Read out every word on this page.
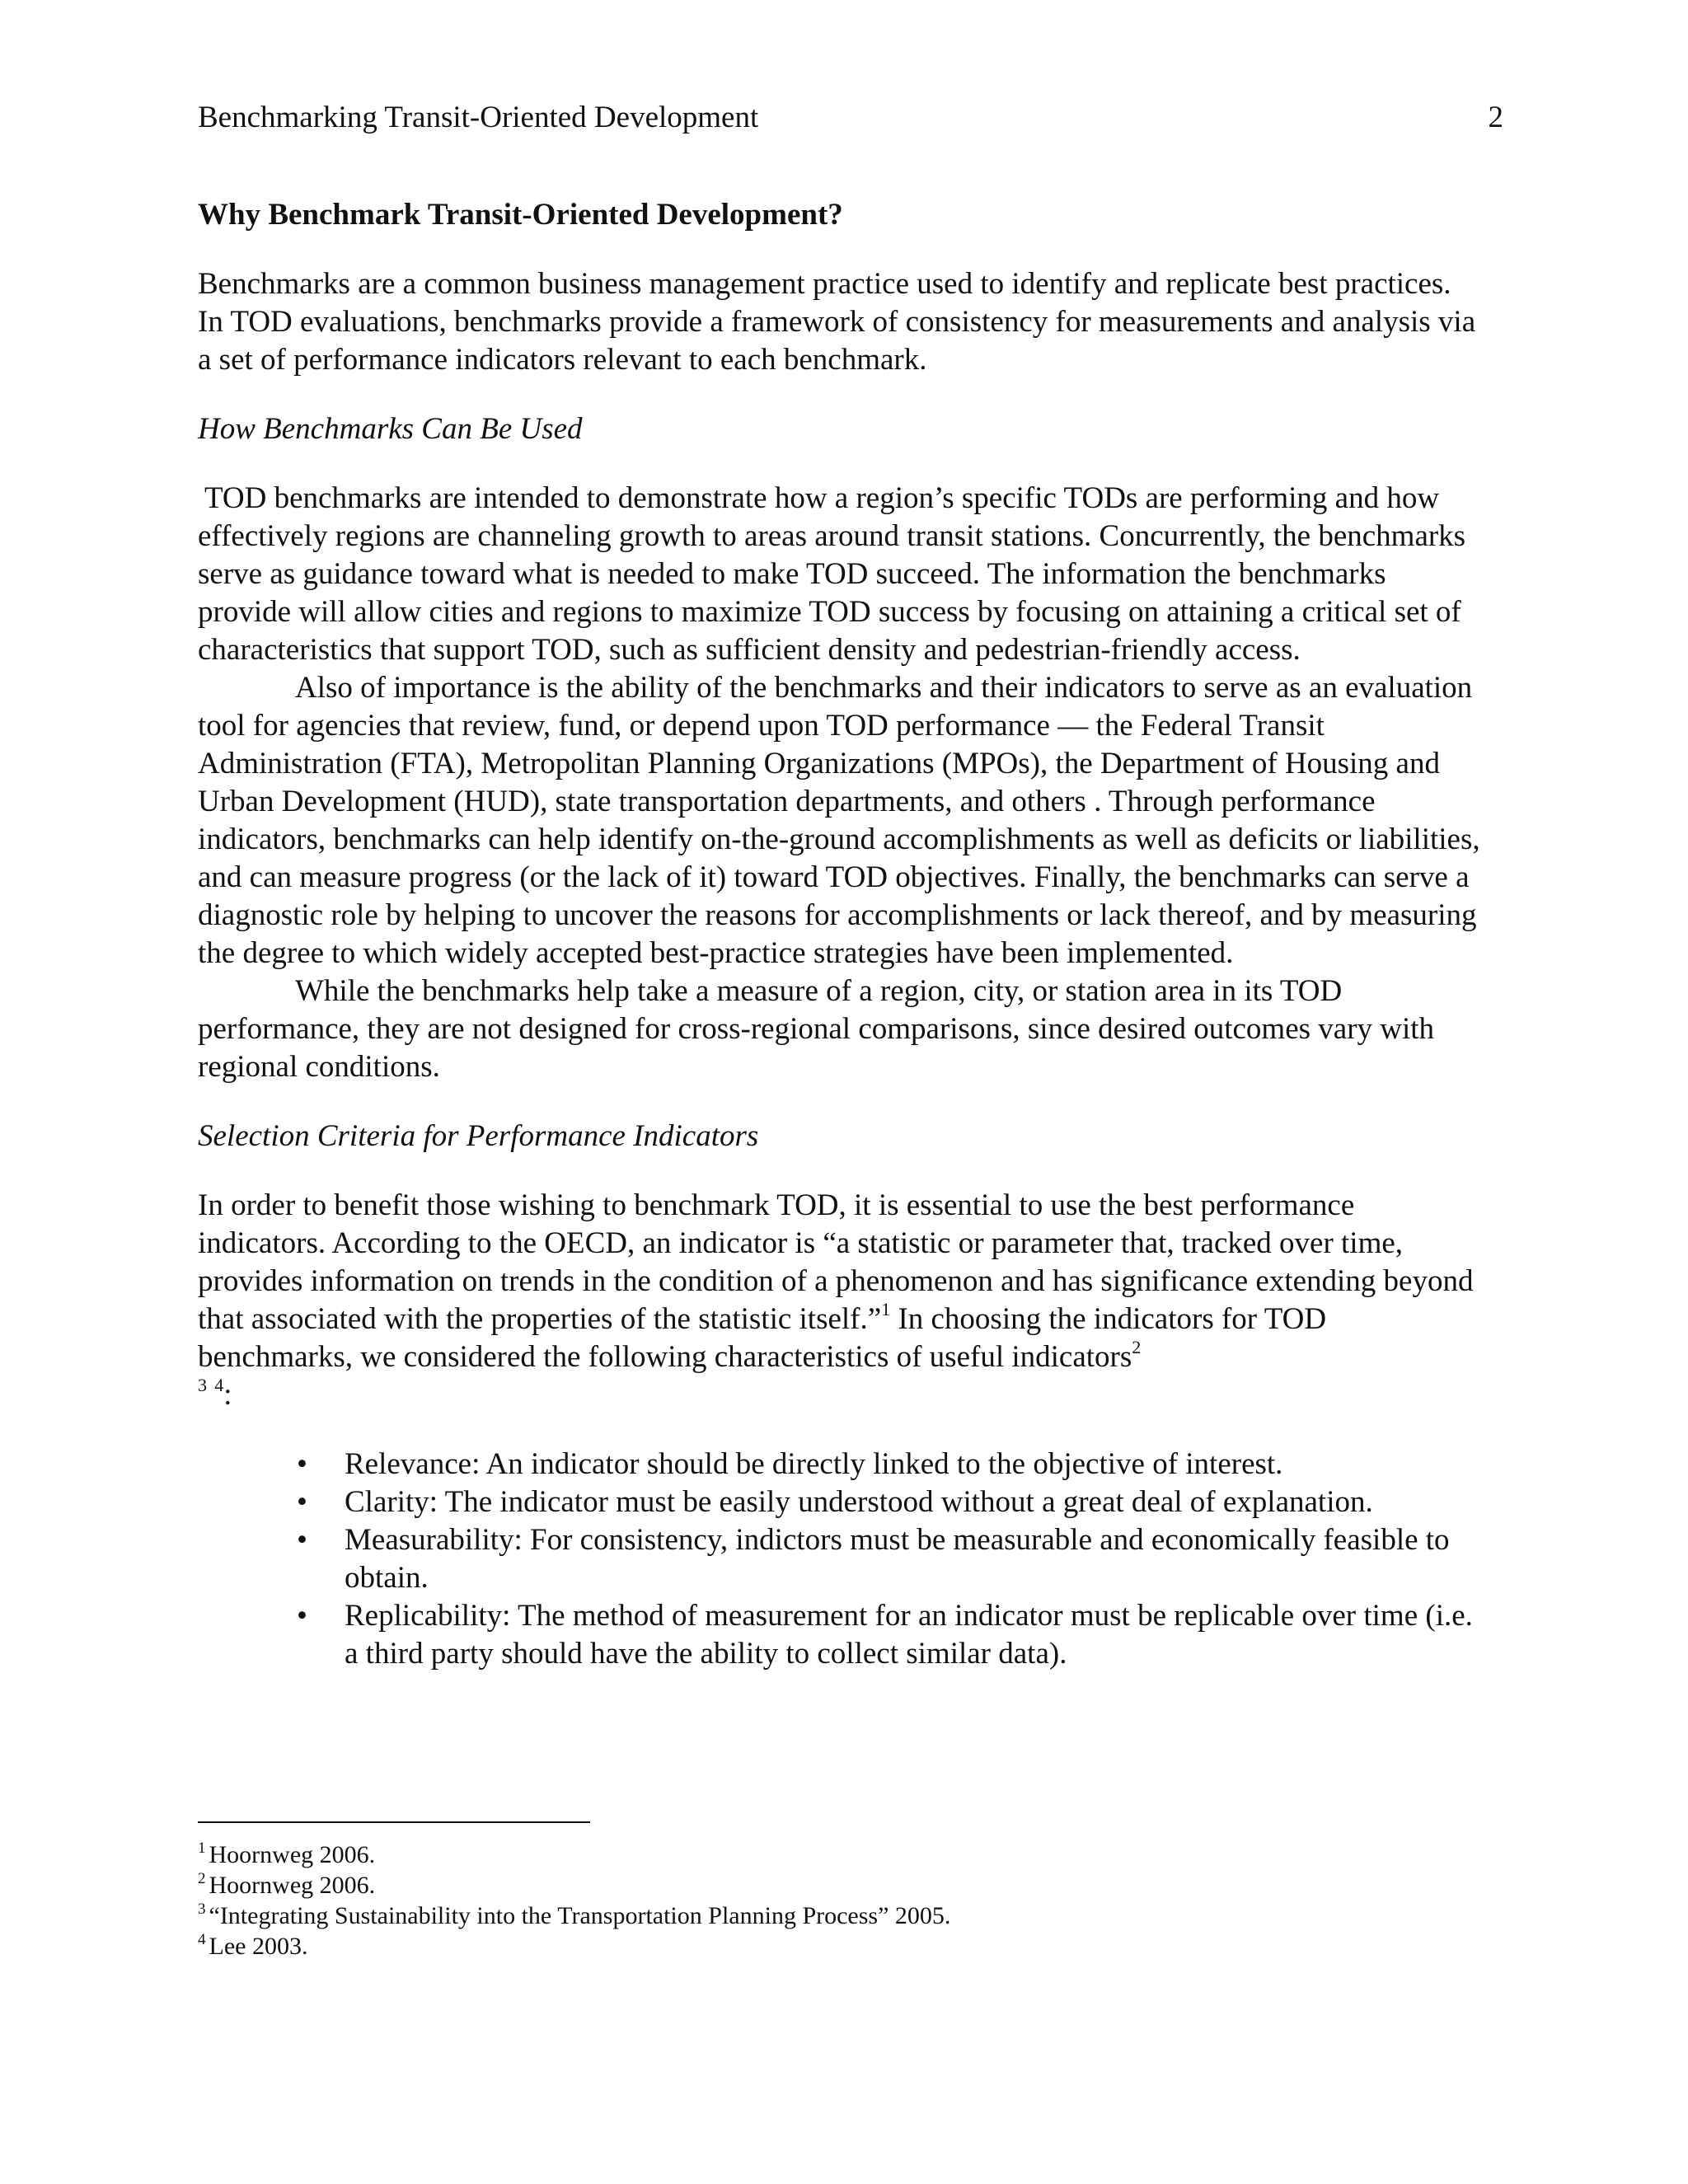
Benchmarking Transit-Oriented Development	2
Why Benchmark Transit-Oriented Development?

Benchmarks are a common business management practice used to identify and replicate best practices. In TOD evaluations, benchmarks provide a framework of consistency for measurements and analysis via a set of performance indicators relevant to each benchmark.

How Benchmarks Can Be Used

TOD benchmarks are intended to demonstrate how a region’s specific TODs are performing and how effectively regions are channeling growth to areas around transit stations. Concurrently, the benchmarks serve as guidance toward what is needed to make TOD succeed. The information the benchmarks provide will allow cities and regions to maximize TOD success by focusing on attaining a critical set of characteristics that support TOD, such as sufficient density and pedestrian-friendly access.

Also of importance is the ability of the benchmarks and their indicators to serve as an evaluation tool for agencies that review, fund, or depend upon TOD performance — the Federal Transit Administration (FTA), Metropolitan Planning Organizations (MPOs), the Department of Housing and Urban Development (HUD), state transportation departments, and others . Through performance indicators, benchmarks can help identify on-the-ground accomplishments as well as deficits or liabilities, and can measure progress (or the lack of it) toward TOD objectives. Finally, the benchmarks can serve a diagnostic role by helping to uncover the reasons for accomplishments or lack thereof, and by measuring the degree to which widely accepted best-practice strategies have been implemented.

While the benchmarks help take a measure of a region, city, or station area in its TOD performance, they are not designed for cross-regional comparisons, since desired outcomes vary with regional conditions.

Selection Criteria for Performance Indicators

In order to benefit those wishing to benchmark TOD, it is essential to use the best performance indicators. According to the OECD, an indicator is “a statistic or parameter that, tracked over time, provides information on trends in the condition of a phenomenon and has significance extending beyond that associated with the properties of the statistic itself.”$^1$ In choosing the indicators for TOD benchmarks, we considered the following characteristics of useful indicators$^2$
$^3$ $^4$:

• Relevance: An indicator should be directly linked to the objective of interest.
• Clarity: The indicator must be easily understood without a great deal of explanation.
• Measurability: For consistency, indictors must be measurable and economically feasible to obtain.
• Replicability: The method of measurement for an indicator must be replicable over time (i.e. a third party should have the ability to collect similar data).
$^1$ Hoornweg 2006.
$^2$ Hoornweg 2006.
$^3$ “Integrating Sustainability into the Transportation Planning Process” 2005.
$^4$ Lee 2003.
